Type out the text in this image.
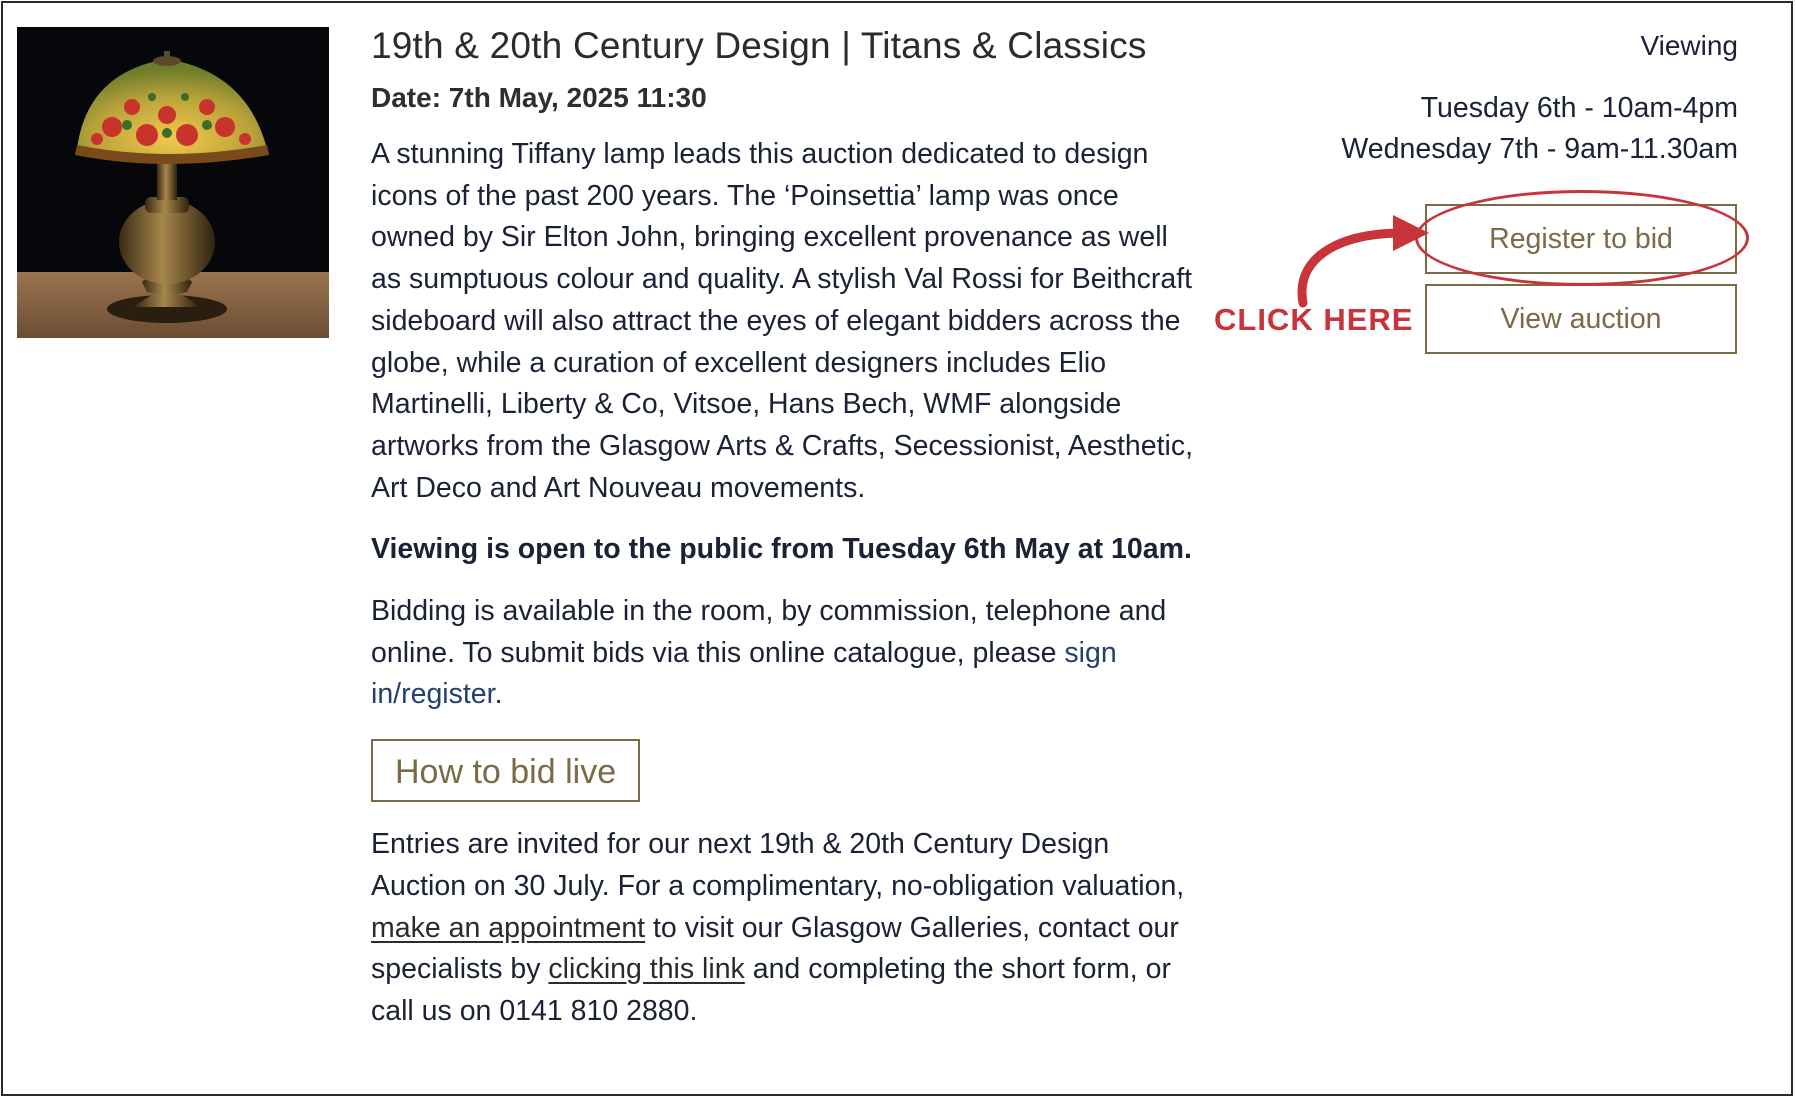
19th & 20th Century Design | Titans & Classics
Date: 7th May, 2025 11:30

A stunning Tiffany lamp leads this auction dedicated to design icons of the past 200 years. The ‘Poinsettia’ lamp was once owned by Sir Elton John, bringing excellent provenance as well as sumptuous colour and quality. A stylish Val Rossi for Beithcraft sideboard will also attract the eyes of elegant bidders across the globe, while a curation of excellent designers includes Elio Martinelli, Liberty & Co, Vitsoe, Hans Bech, WMF alongside artworks from the Glasgow Arts & Crafts, Secessionist, Aesthetic, Art Deco and Art Nouveau movements.

Viewing is open to the public from Tuesday 6th May at 10am.

Bidding is available in the room, by commission, telephone and online. To submit bids via this online catalogue, please sign in/register.

How to bid live

Entries are invited for our next 19th & 20th Century Design Auction on 30 July. For a complimentary, no-obligation valuation, make an appointment to visit our Glasgow Galleries, contact our specialists by clicking this link and completing the short form, or call us on 0141 810 2880.

Viewing
Tuesday 6th - 10am-4pm
Wednesday 7th - 9am-11.30am
Register to bid
View auction
CLICK HERE
